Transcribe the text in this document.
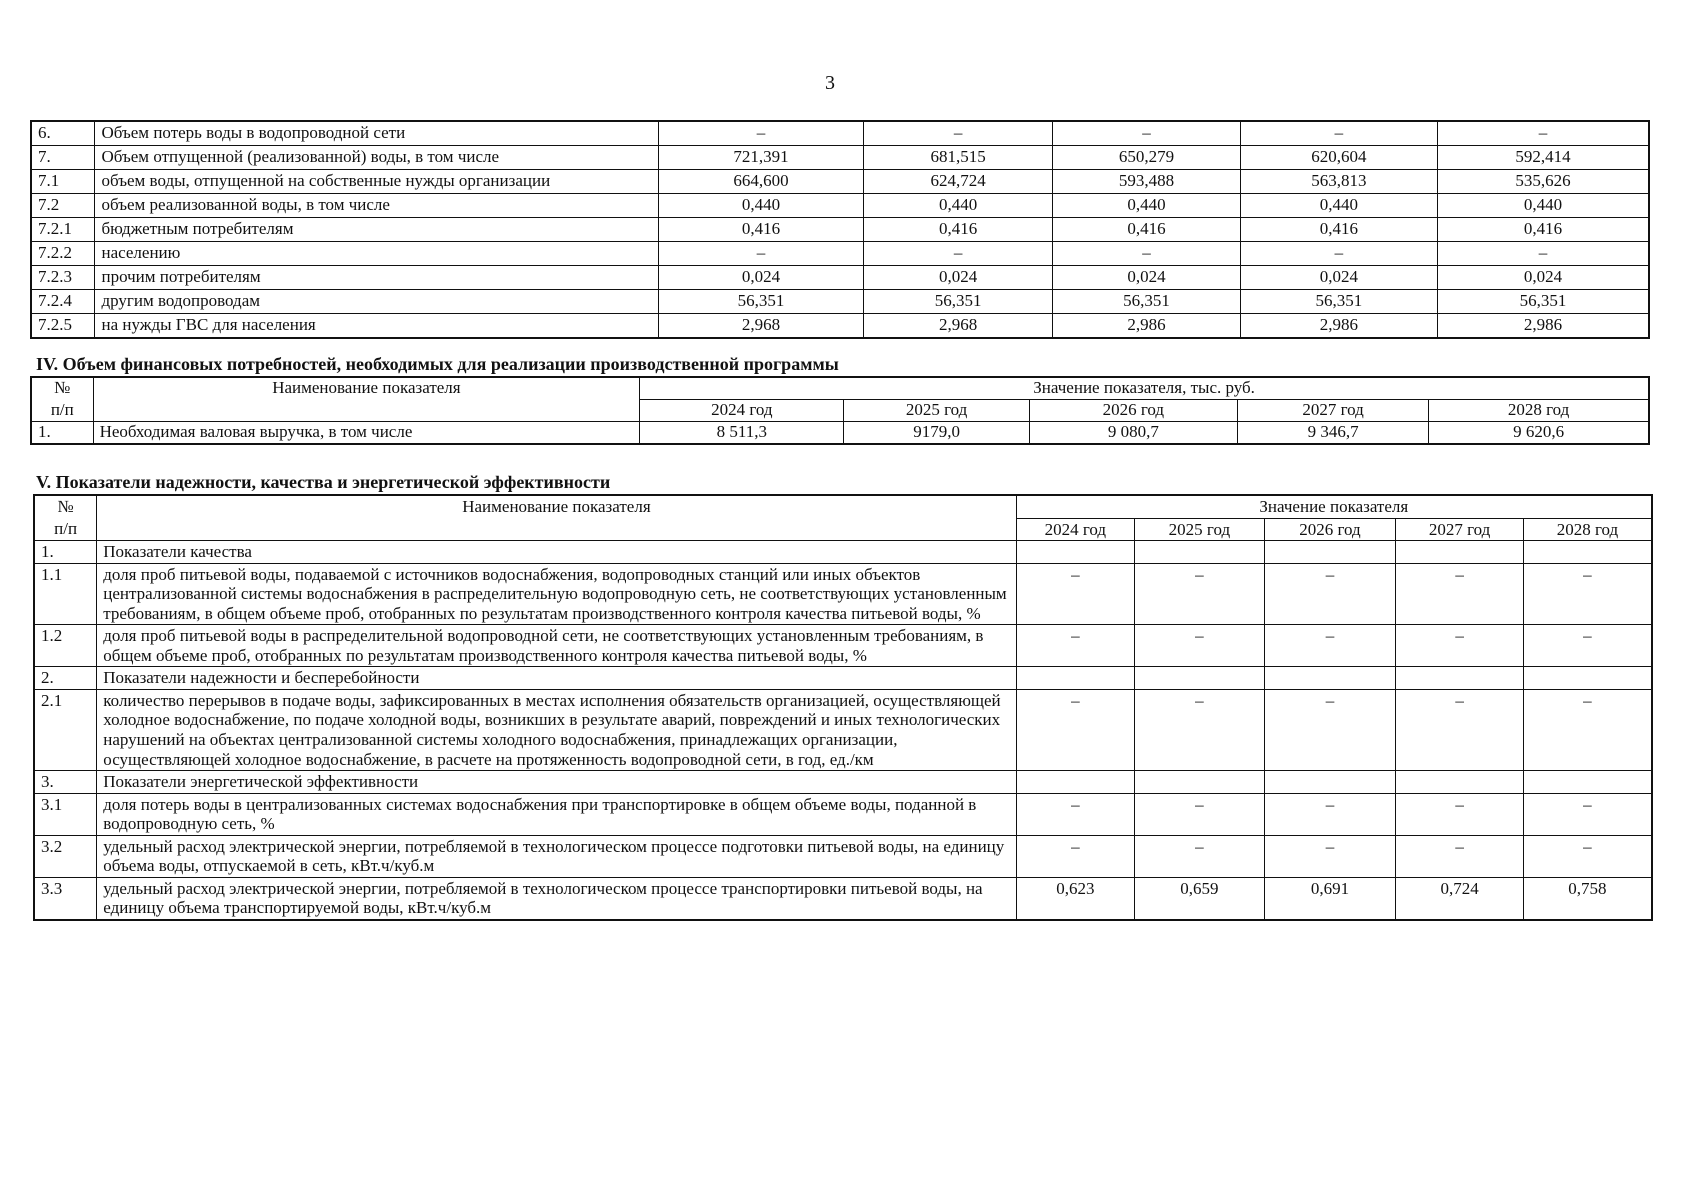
3
6.	Объем потерь воды в водопроводной сети	–	–	–	–	–
7.	Объем отпущенной (реализованной) воды, в том числе	721,391	681,515	650,279	620,604	592,414
7.1	объем воды, отпущенной на собственные нужды организации	664,600	624,724	593,488	563,813	535,626
7.2	объем реализованной воды, в том числе	0,440	0,440	0,440	0,440	0,440
7.2.1	бюджетным потребителям	0,416	0,416	0,416	0,416	0,416
7.2.2	населению	–	–	–	–	–
7.2.3	прочим потребителям	0,024	0,024	0,024	0,024	0,024
7.2.4	другим водопроводам	56,351	56,351	56,351	56,351	56,351
7.2.5	на нужды ГВС для населения	2,968	2,968	2,986	2,986	2,986
IV. Объем финансовых потребностей, необходимых для реализации производственной программы
№	Наименование показателя	Значение показателя, тыс. руб.				
п/п		2024 год	2025 год	2026 год	2027 год	2028 год
1.	Необходимая валовая выручка, в том числе	8 511,3	9179,0	9 080,7	9 346,7	9 620,6
V. Показатели надежности, качества и энергетической эффективности
№	Наименование показателя	Значение показателя				
п/п		2024 год	2025 год	2026 год	2027 год	2028 год
1.	Показатели качества					
1.1	доля проб питьевой воды, подаваемой с источников водоснабжения, водопроводных станций или иных объектов централизованной системы водоснабжения в распределительную водопроводную сеть, не соответствующих установленным требованиям, в общем объеме проб, отобранных по результатам производственного контроля качества питьевой воды, %	–	–	–	–	–
1.2	доля проб питьевой воды в распределительной водопроводной сети, не соответствующих установленным требованиям, в общем объеме проб, отобранных по результатам производственного контроля качества питьевой воды, %	–	–	–	–	–
2.	Показатели надежности и бесперебойности					
2.1	количество перерывов в подаче воды, зафиксированных в местах исполнения обязательств организацией, осуществляющей холодное водоснабжение, по подаче холодной воды, возникших в результате аварий, повреждений и иных технологических нарушений на объектах централизованной системы холодного водоснабжения, принадлежащих организации, осуществляющей холодное водоснабжение, в расчете на протяженность водопроводной сети, в год, ед./км	–	–	–	–	–
3.	Показатели энергетической эффективности					
3.1	доля потерь воды в централизованных системах водоснабжения при транспортировке в общем объеме воды, поданной в водопроводную сеть, %	–	–	–	–	–
3.2	удельный расход электрической энергии, потребляемой в технологическом процессе подготовки питьевой воды, на единицу объема воды, отпускаемой в сеть, кВт.ч/куб.м	–	–	–	–	–
3.3	удельный расход электрической энергии, потребляемой в технологическом процессе транспортировки питьевой воды, на единицу объема транспортируемой воды, кВт.ч/куб.м	0,623	0,659	0,691	0,724	0,758
